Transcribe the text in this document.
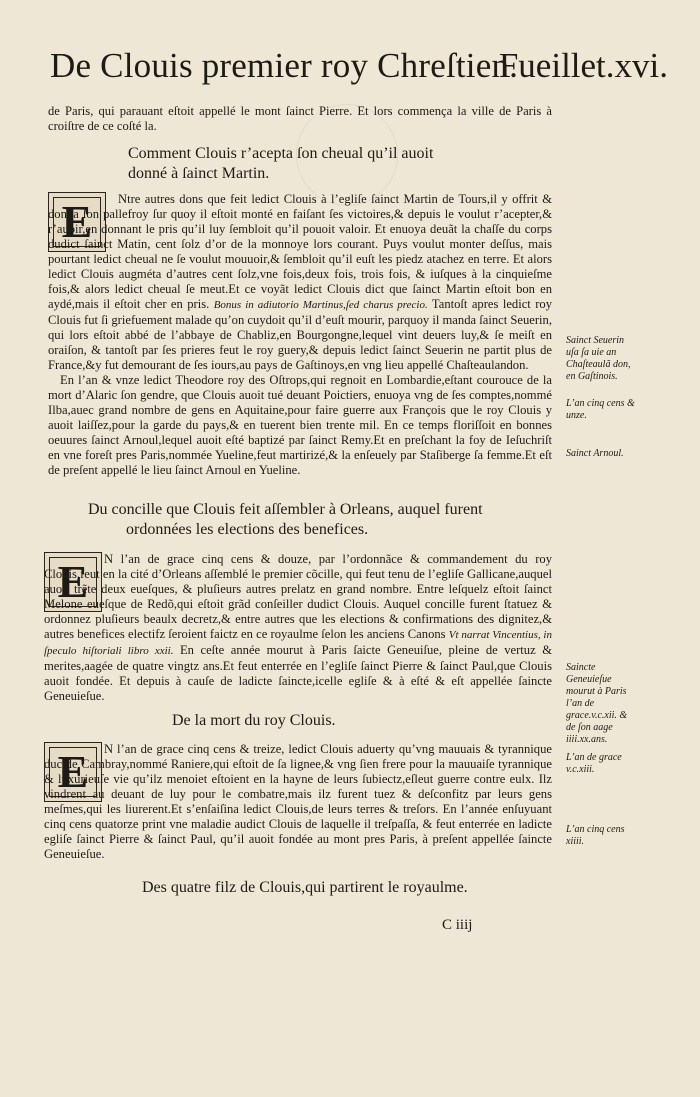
De Clouis premier roy Chreſtien.
Fueillet.xvi.

de Paris, qui parauant eſtoit appellé le mont ſainct Pierre. Et lors commença la ville de Paris à croiſtre de ce coſté la.

Comment Clouis r’acepta ſon cheual qu’il auoit
donné à ſainct Martin.
E	Ntre autres dons que feit ledict Clouis à l’egliſe ſainct Martin de Tours,il y offrit & donna ſon pallefroy ſur quoy il eſtoit monté en faiſant ſes victoires,& depuis le voulut r’acepter,& r’auoir,en donnant le pris qu’il luy ſembloit qu’il pouoit valoir. Et enuoya deuãt la chaſſe du corps dudict ſainct Matin, cent ſolz d’or de la monnoye lors courant. Puys voulut monter deſſus, mais pourtant ledict cheual ne ſe voulut mouuoir,& ſembloit qu’il euſt les piedz atachez en terre. Et alors ledict Clouis augméta d’autres cent ſolz,vne fois,deux fois, trois fois, & iuſques à la cinquieſme fois,& alors ledict cheual ſe meut.Et ce voyãt ledict Clouis dict que ſainct Martin eſtoit bon en aydé,mais il eſtoit cher en pris. Bonus in adiutorio Martinus,ſed charus precio. Tantoſt apres ledict roy Clouis fut ſi griefuement malade qu’on cuydoit qu’il d’euſt mourir, parquoy il manda ſainct Seuerin, qui lors eſtoit abbé de l’abbaye de Chabliz,en Bourgongne,lequel vint deuers luy,& ſe meiſt en oraiſon, & tantoſt par ſes prieres feut le roy guery,& depuis ledict ſainct Seuerin ne partit plus de France,&y fut demourant de ſes iours,au pays de Gaſtinoys,en vng lieu appellé Chaſteaulandon.

En l’an & vnze ledict Theodore roy des Oſtrops,qui regnoit en Lombardie,eſtant courouce de la mort d’Alaric ſon gendre, que Clouis auoit tué deuant Poictiers, enuoya vng de ſes comptes,nommé Ilba,auec grand nombre de gens en Aquitaine,pour faire guerre aux François que le roy Clouis y auoit laiſſez,pour la garde du pays,& en tuerent bien trente mil. En ce temps floriſſoit en bonnes oeuures ſainct Arnoul,lequel auoit eſté baptizé par ſainct Remy.Et en preſchant la foy de Ieſuchriſt en vne foreſt pres Paris,nommée Yueline,feut martirizé,& la enſeuely par Staſiberge ſa femme.Et eſt de preſent appellé le lieu ſainct Arnoul en Yueline.

Du concille que Clouis feit aſſembler à Orleans, auquel furent
ordonnées les elections des benefices.
E	N l’an de grace cinq cens & douze, par l’ordonnãce & commandement du roy Clouis,feut en la cité d’Orleans aſſemblé le premier cõcille, qui feut tenu de l’egliſe Gallicane,auquel auoit trẽte deux eueſques, & pluſieurs autres prelatz en grand nombre. Entre leſquelz eſtoit ſainct Melone eueſque de Redõ,qui eſtoit grãd conſeiller dudict Clouis. Auquel concille furent ſtatuez & ordonnez pluſieurs beaulx decretz,& entre autres que les elections & confirmations des dignitez,& autres benefices electifz ſeroient faictz en ce royaulme ſelon les anciens Canons Vt narrat Vincentius, in ſpeculo hiſtoriali libro xxii. En ceſte année mourut à Paris ſaicte Geneuiſue, pleine de vertuz & merites,aagée de quatre vingtz ans.Et feut enterrée en l’egliſe ſainct Pierre & ſainct Paul,que Clouis auoit fondée. Et depuis à cauſe de ladicte ſaincte,icelle egliſe & à eſté & eſt appellée ſaincte Geneuieſue.

De la mort du roy Clouis.
E	N l’an de grace cinq cens & treize, ledict Clouis aduerty qu’vng mauuais & tyrannique duc de Cambray,nommé Raniere,qui eſtoit de ſa lignee,& vng ſien frere pour la mauuaiſe tyrannique & luxurieuſe vie qu’ilz menoiet eſtoient en la hayne de leurs ſubiectz,eſleut guerre contre eulx. Ilz vindrent au deuant de luy pour le combatre,mais ilz furent tuez & deſconfitz par leurs gens meſmes,qui les liurerent.Et s’enſaiſina ledict Clouis,de leurs terres & treſors. En l’année enſuyuant cinq cens quatorze print vne maladie audict Clouis de laquelle il treſpaſſa, & feut enterrée en ladicte egliſe ſainct Pierre & ſainct Paul, qu’il auoit fondée au mont pres Paris, à preſent appellée ſaincte Geneuieſue.

Des quatre filz de Clouis,qui partirent le royaulme.
C iiij
Sainct Seuerin uſa ſa uie an Chaſteaulã don, en Gaſtinois.
L’an cinq cens & unze.
Sainct Arnoul.
Saincte Geneuieſue mourut à Paris l’an de grace.v.c.xii. & de ſon aage iiii.xx.ans.
L’an de grace v.c.xiii.
L’an cinq cens xiiii.
